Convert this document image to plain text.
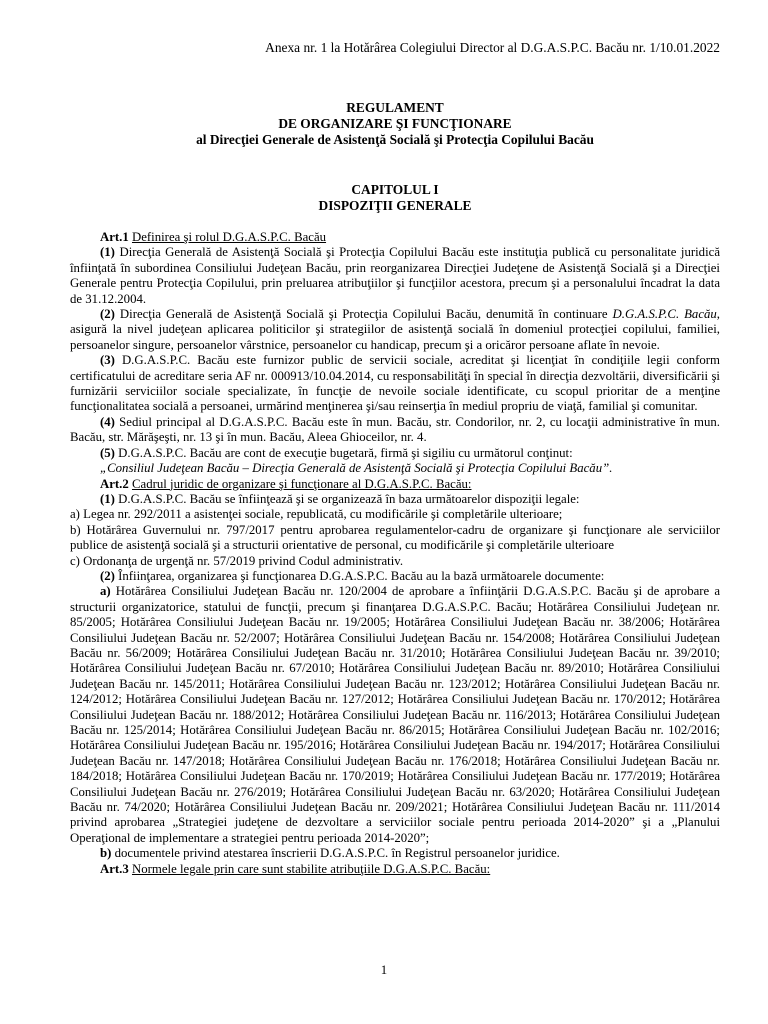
Anexa nr. 1 la Hotărârea Colegiului Director al D.G.A.S.P.C. Bacău nr. 1/10.01.2022

REGULAMENT

DE ORGANIZARE ŞI FUNCŢIONARE

al Direcţiei Generale de Asistenţă Socială şi Protecţia Copilului Bacău

CAPITOLUL I

DISPOZIŢII GENERALE

Art.1 Definirea şi rolul D.G.A.S.P.C. Bacău

(1) Direcţia Generală de Asistenţă Socială şi Protecţia Copilului Bacău este instituţia publică cu personalitate juridică înfiinţată în subordinea Consiliului Judeţean Bacău, prin reorganizarea Direcţiei Judeţene de Asistenţă Socială şi a Direcţiei Generale pentru Protecţia Copilului, prin preluarea atribuţiilor şi funcţiilor acestora, precum şi a personalului încadrat la data de 31.12.2004.

(2) Direcţia Generală de Asistenţă Socială şi Protecţia Copilului Bacău, denumită în continuare D.G.A.S.P.C. Bacău, asigură la nivel judeţean aplicarea politicilor şi strategiilor de asistenţă socială în domeniul protecţiei copilului, familiei, persoanelor singure, persoanelor vârstnice, persoanelor cu handicap, precum şi a oricăror persoane aflate în nevoie.

(3) D.G.A.S.P.C. Bacău este furnizor public de servicii sociale, acreditat şi licenţiat în condiţiile legii conform certificatului de acreditare seria AF nr. 000913/10.04.2014, cu responsabilităţi în special în direcţia dezvoltării, diversificării şi furnizării serviciilor sociale specializate, în funcţie de nevoile sociale identificate, cu scopul prioritar de a menţine funcţionalitatea socială a persoanei, urmărind menţinerea şi/sau reinserţia în mediul propriu de viaţă, familial şi comunitar.

(4) Sediul principal al D.G.A.S.P.C. Bacău este în mun. Bacău, str. Condorilor, nr. 2, cu locaţii administrative în mun. Bacău, str. Mărăşeşti, nr. 13 şi în mun. Bacău, Aleea Ghioceilor, nr. 4.

(5) D.G.A.S.P.C. Bacău are cont de execuţie bugetară, firmă şi sigiliu cu următorul conţinut:

„Consiliul Judeţean Bacău – Direcţia Generală de Asistenţă Socială şi Protecţia Copilului Bacău”.

Art.2 Cadrul juridic de organizare şi funcţionare al D.G.A.S.P.C. Bacău:

(1) D.G.A.S.P.C. Bacău se înfiinţează şi se organizează în baza următoarelor dispoziţii legale:

a) Legea nr. 292/2011 a asistenţei sociale, republicată, cu modificările şi completările ulterioare;

b) Hotărârea Guvernului nr. 797/2017 pentru aprobarea regulamentelor-cadru de organizare şi funcţionare ale serviciilor publice de asistenţă socială şi a structurii orientative de personal, cu modificările şi completările ulterioare

c) Ordonanţa de urgenţă nr. 57/2019 privind Codul administrativ.

(2) Înfiinţarea, organizarea şi funcţionarea D.G.A.S.P.C. Bacău au la bază următoarele documente:

a) Hotărârea Consiliului Judeţean Bacău nr. 120/2004 de aprobare a înfiinţării D.G.A.S.P.C. Bacău şi de aprobare a structurii organizatorice, statului de funcţii, precum şi finanţarea D.G.A.S.P.C. Bacău; Hotărârea Consiliului Judeţean nr. 85/2005; Hotărârea Consiliului Judeţean Bacău nr. 19/2005; Hotărârea Consiliului Judeţean Bacău nr. 38/2006; Hotărârea Consiliului Judeţean Bacău nr. 52/2007; Hotărârea Consiliului Judeţean Bacău nr. 154/2008; Hotărârea Consiliului Judeţean Bacău nr. 56/2009; Hotărârea Consiliului Judeţean Bacău nr. 31/2010; Hotărârea Consiliului Judeţean Bacău nr. 39/2010; Hotărârea Consiliului Judeţean Bacău nr. 67/2010; Hotărârea Consiliului Judeţean Bacău nr. 89/2010; Hotărârea Consiliului Judeţean Bacău nr. 145/2011; Hotărârea Consiliului Judeţean Bacău nr. 123/2012; Hotărârea Consiliului Judeţean Bacău nr. 124/2012; Hotărârea Consiliului Judeţean Bacău nr. 127/2012; Hotărârea Consiliului Judeţean Bacău nr. 170/2012; Hotărârea Consiliului Judeţean Bacău nr. 188/2012; Hotărârea Consiliului Judeţean Bacău nr. 116/2013; Hotărârea Consiliului Judeţean Bacău nr. 125/2014; Hotărârea Consiliului Judeţean Bacău nr. 86/2015; Hotărârea Consiliului Judeţean Bacău nr. 102/2016; Hotărârea Consiliului Judeţean Bacău nr. 195/2016; Hotărârea Consiliului Judeţean Bacău nr. 194/2017; Hotărârea Consiliului Judeţean Bacău nr. 147/2018; Hotărârea Consiliului Judeţean Bacău nr. 176/2018; Hotărârea Consiliului Judeţean Bacău nr. 184/2018; Hotărârea Consiliului Judeţean Bacău nr. 170/2019; Hotărârea Consiliului Judeţean Bacău nr. 177/2019; Hotărârea Consiliului Judeţean Bacău nr. 276/2019; Hotărârea Consiliului Judeţean Bacău nr. 63/2020; Hotărârea Consiliului Judeţean Bacău nr. 74/2020; Hotărârea Consiliului Judeţean Bacău nr. 209/2021; Hotărârea Consiliului Judeţean Bacău nr. 111/2014 privind aprobarea „Strategiei judeţene de dezvoltare a serviciilor sociale pentru perioada 2014-2020” şi a „Planului Operaţional de implementare a strategiei pentru perioada 2014-2020”;

b) documentele privind atestarea înscrierii D.G.A.S.P.C. în Registrul persoanelor juridice.

Art.3 Normele legale prin care sunt stabilite atribuţiile D.G.A.S.P.C. Bacău:

1
